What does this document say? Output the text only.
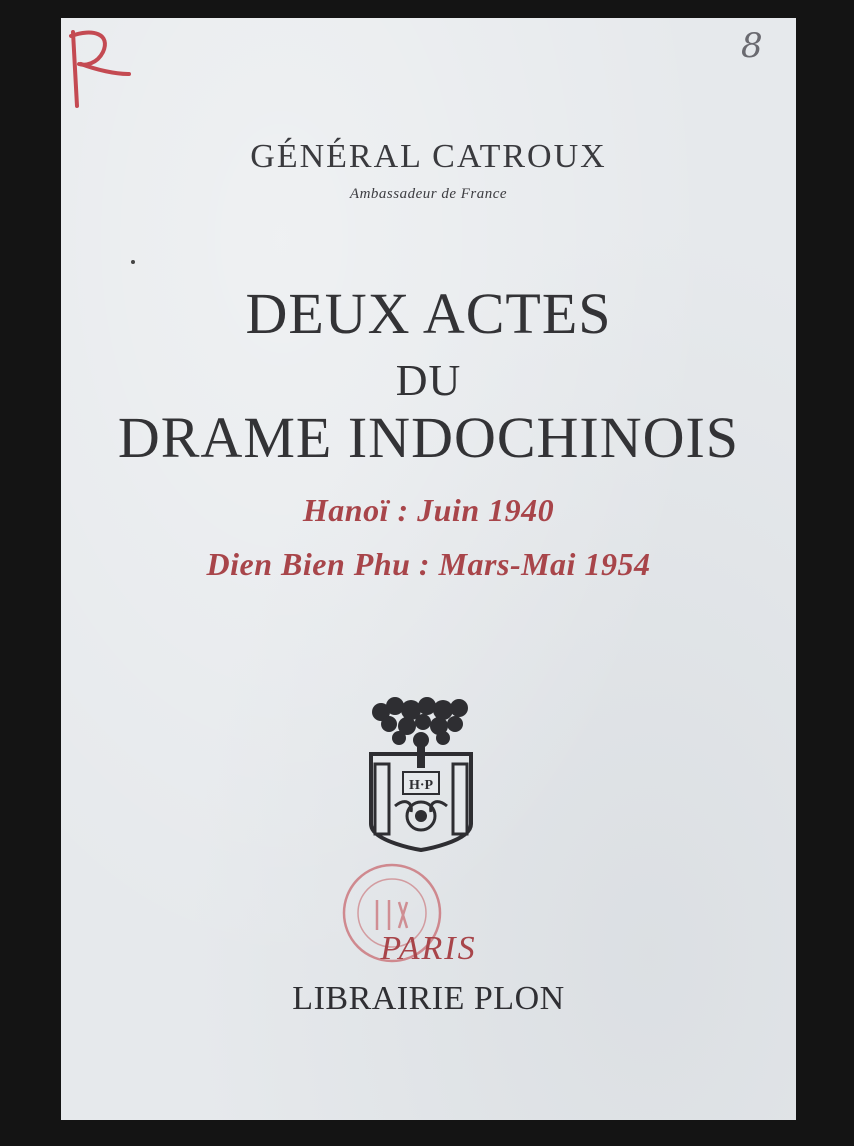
8
GÉNÉRAL CATROUX
Ambassadeur de France
DEUX ACTES
DU
DRAME INDOCHINOIS
Hanoï : Juin 1940
Dien Bien Phu : Mars-Mai 1954
H·P
PARIS
LIBRAIRIE PLON
